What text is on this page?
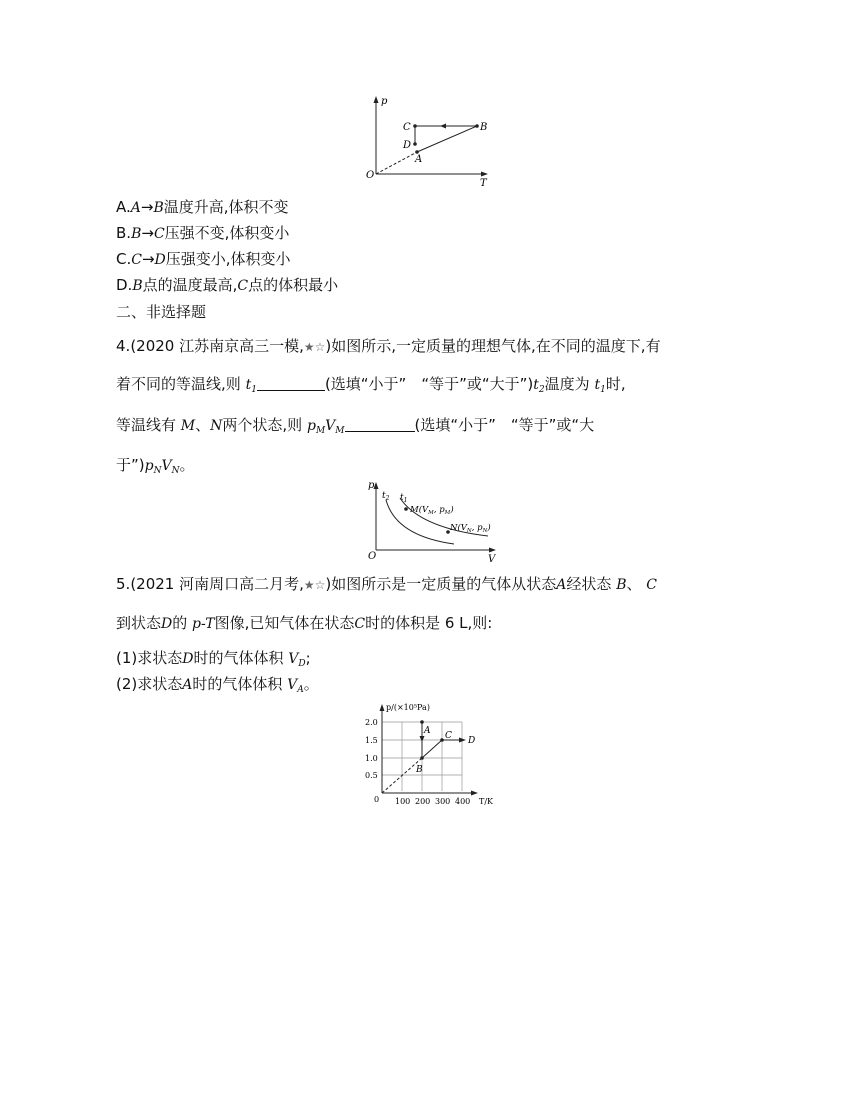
p
T
O
A
B
C
D
A.A→B温度升高,体积不变
B.B→C压强不变,体积变小
C.C→D压强变小,体积变小
D.B点的温度最高,C点的体积最小
二、非选择题
4.(2020 江苏南京高三一模,★☆)如图所示,一定质量的理想气体,在不同的温度下,有
着不同的等温线,则 $t_1$	(选填“小于”　“等于”或“大于$”)t_2$温度为 $t_1$时,
等温线有 M、N两个状态,则 $p_MV_M$	(选填“小于”　“等于”或“大
于$”)p_NV_N$。
p
V
O
$t_2$ $t_1$
$M(V_M$, $p_M$)
$N(V_N$, $p_N$)
5.(2021 河南周口高二月考,★☆)如图所示是一定质量的气体从状态A经状态 B、 C
到状态D的 p-T图像,已知气体在状态C时的体积是 6 L,则:
(1)求状态D时的气体体积 $V_D$;
(2)求状态A时的气体体积 $V_A$。
p/(×10⁵Pa)
T/K
0
0.5
1.0
1.5
2.0
100 200 300 400
A
B
C D
